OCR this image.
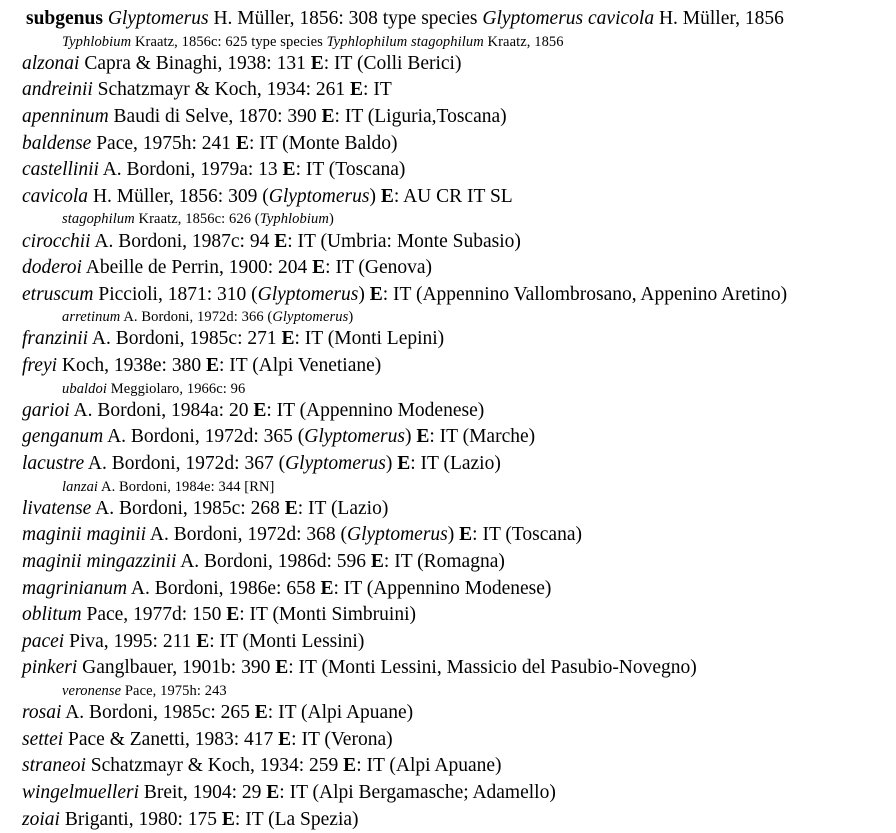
subgenus Glyptomerus H. Müller, 1856: 308 type species Glyptomerus cavicola H. Müller, 1856
Typhlobium Kraatz, 1856c: 625 type species Typhlophilum stagophilum Kraatz, 1856
alzonai Capra & Binaghi, 1938: 131 E: IT (Colli Berici)
andreinii Schatzmayr & Koch, 1934: 261 E: IT
apenninum Baudi di Selve, 1870: 390 E: IT (Liguria,Toscana)
baldense Pace, 1975h: 241 E: IT (Monte Baldo)
castellinii A. Bordoni, 1979a: 13 E: IT (Toscana)
cavicola H. Müller, 1856: 309 (Glyptomerus) E: AU CR IT SL
stagophilum Kraatz, 1856c: 626 (Typhlobium)
cirocchii A. Bordoni, 1987c: 94 E: IT (Umbria: Monte Subasio)
doderoi Abeille de Perrin, 1900: 204 E: IT (Genova)
etruscum Piccioli, 1871: 310 (Glyptomerus) E: IT (Appennino Vallombrosano, Appenino Aretino)
arretinum A. Bordoni, 1972d: 366 (Glyptomerus)
franzinii A. Bordoni, 1985c: 271 E: IT (Monti Lepini)
freyi Koch, 1938e: 380 E: IT (Alpi Venetiane)
ubaldoi Meggiolaro, 1966c: 96
garioi A. Bordoni, 1984a: 20 E: IT (Appennino Modenese)
genganum A. Bordoni, 1972d: 365 (Glyptomerus) E: IT (Marche)
lacustre A. Bordoni, 1972d: 367 (Glyptomerus) E: IT (Lazio)
lanzai A. Bordoni, 1984e: 344 [RN]
livatense A. Bordoni, 1985c: 268 E: IT (Lazio)
maginii maginii A. Bordoni, 1972d: 368 (Glyptomerus) E: IT (Toscana)
maginii mingazzinii A. Bordoni, 1986d: 596 E: IT (Romagna)
magrinianum A. Bordoni, 1986e: 658 E: IT (Appennino Modenese)
oblitum Pace, 1977d: 150 E: IT (Monti Simbruini)
pacei Piva, 1995: 211 E: IT (Monti Lessini)
pinkeri Ganglbauer, 1901b: 390 E: IT (Monti Lessini, Massicio del Pasubio-Novegno)
veronense Pace, 1975h: 243
rosai A. Bordoni, 1985c: 265 E: IT (Alpi Apuane)
settei Pace & Zanetti, 1983: 417 E: IT (Verona)
straneoi Schatzmayr & Koch, 1934: 259 E: IT (Alpi Apuane)
wingelmuelleri Breit, 1904: 29 E: IT (Alpi Bergamasche; Adamello)
zoiai Briganti, 1980: 175 E: IT (La Spezia)
